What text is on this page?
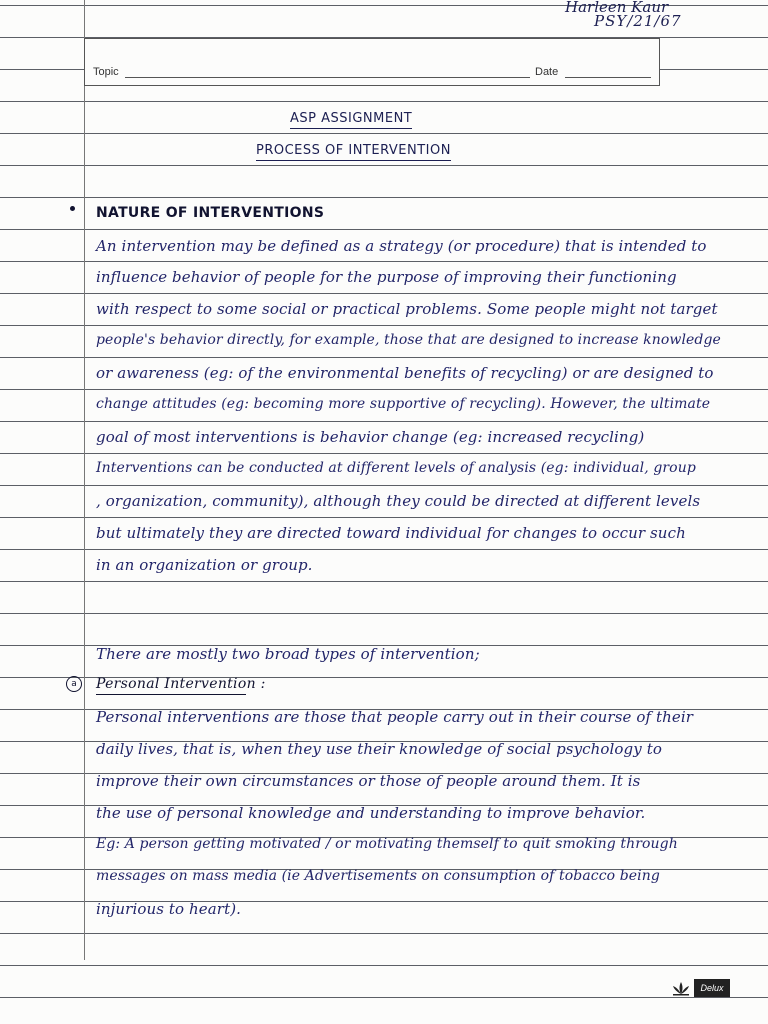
Harleen Kaur
PSY/21/67
Topic	Date
ASP ASSIGNMENT
PROCESS OF INTERVENTION
NATURE OF INTERVENTIONS
An intervention may be defined as a strategy (or procedure) that is intended to
influence behavior of people for the purpose of improving their functioning
with respect to some social or practical problems. Some people might not target
people's behavior directly, for example, those that are designed to increase knowledge
or awareness (eg: of the environmental benefits of recycling) or are designed to
change attitudes (eg: becoming more supportive of recycling). However, the ultimate
goal of most interventions is behavior change (eg: increased recycling)
Interventions can be conducted at different levels of analysis (eg: individual, group
, organization, community), although they could be directed at different levels
but ultimately they are directed toward individual for changes to occur such
in an organization or group.
There are mostly two broad types of intervention;
a	Personal Intervention :
Personal interventions are those that people carry out in their course of their
daily lives, that is, when they use their knowledge of social psychology to
improve their own circumstances or those of people around them. It is
the use of personal knowledge and understanding to improve behavior.
Eg: A person getting motivated / or motivating themself to quit smoking through
messages on mass media (ie Advertisements on consumption of tobacco being
injurious to heart).
Delux
